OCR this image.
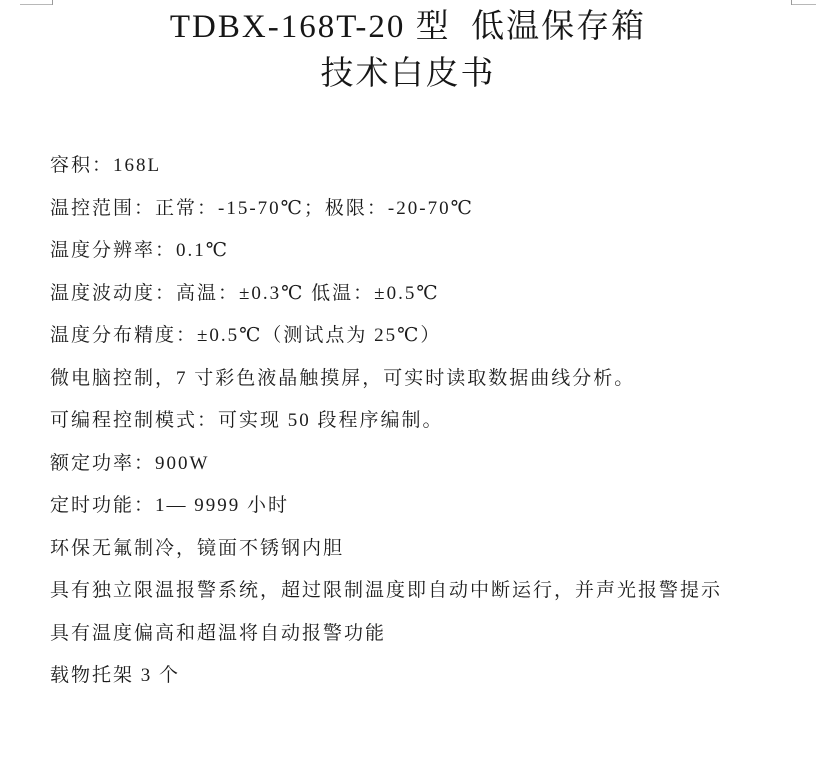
TDBX-168T-20 型  低温保存箱
技术白皮书

容积：168L

温控范围：正常：-15-70℃；极限：-20-70℃

温度分辨率：0.1℃

温度波动度：高温：±0.3℃ 低温：±0.5℃

温度分布精度：±0.5℃（测试点为 25℃）

微电脑控制，7 寸彩色液晶触摸屏，可实时读取数据曲线分析。

可编程控制模式：可实现 50 段程序编制。

额定功率：900W

定时功能：1— 9999 小时

环保无氟制冷，镜面不锈钢内胆

具有独立限温报警系统，超过限制温度即自动中断运行，并声光报警提示

具有温度偏高和超温将自动报警功能

载物托架 3 个
